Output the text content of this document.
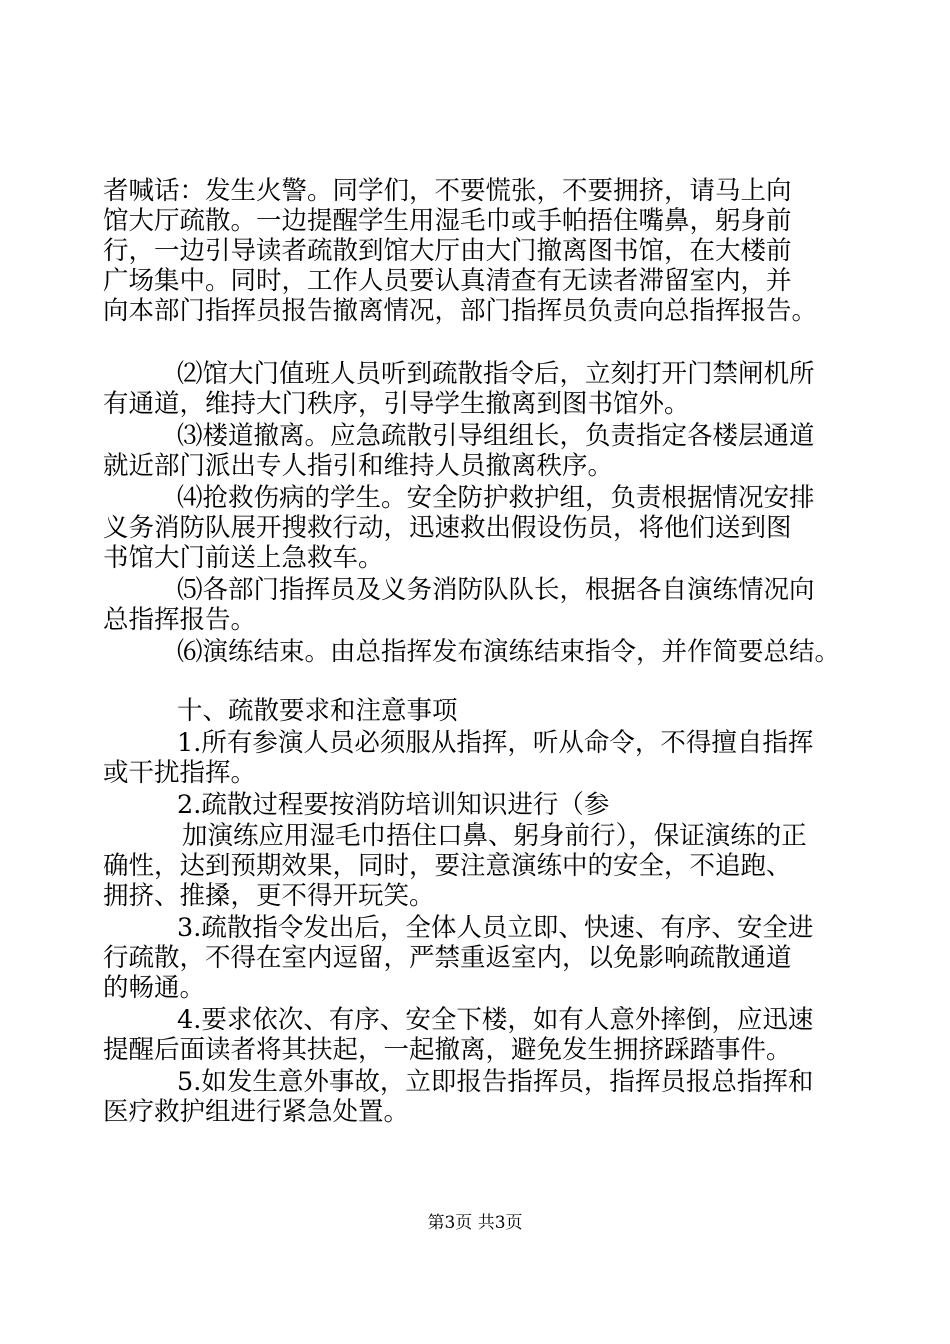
者喊话：发生火警。同学们，不要慌张，不要拥挤，请马上向
馆大厅疏散。一边提醒学生用湿毛巾或手帕捂住嘴鼻，躬身前
行，一边引导读者疏散到馆大厅由大门撤离图书馆，在大楼前
广场集中。同时，工作人员要认真清查有无读者滞留室内，并
向本部门指挥员报告撤离情况，部门指挥员负责向总指挥报告。
⑵馆大门值班人员听到疏散指令后，立刻打开门禁闸机所
有通道，维持大门秩序，引导学生撤离到图书馆外。
⑶楼道撤离。应急疏散引导组组长，负责指定各楼层通道
就近部门派出专人指引和维持人员撤离秩序。
⑷抢救伤病的学生。安全防护救护组，负责根据情况安排
义务消防队展开搜救行动，迅速救出假设伤员，将他们送到图
书馆大门前送上急救车。
⑸各部门指挥员及义务消防队队长，根据各自演练情况向
总指挥报告。
⑹演练结束。由总指挥发布演练结束指令，并作简要总结。
十、疏散要求和注意事项
1.所有参演人员必须服从指挥，听从命令，不得擅自指挥
或干扰指挥。
2.疏散过程要按消防培训知识进行（参
加演练应用湿毛巾捂住口鼻、躬身前行），保证演练的正
确性，达到预期效果，同时，要注意演练中的安全，不追跑、
拥挤、推搡，更不得开玩笑。
3.疏散指令发出后，全体人员立即、快速、有序、安全进
行疏散，不得在室内逗留，严禁重返室内，以免影响疏散通道
的畅通。
4.要求依次、有序、安全下楼，如有人意外摔倒，应迅速
提醒后面读者将其扶起，一起撤离，避免发生拥挤踩踏事件。
5.如发生意外事故，立即报告指挥员，指挥员报总指挥和
医疗救护组进行紧急处置。
第3页 共3页
